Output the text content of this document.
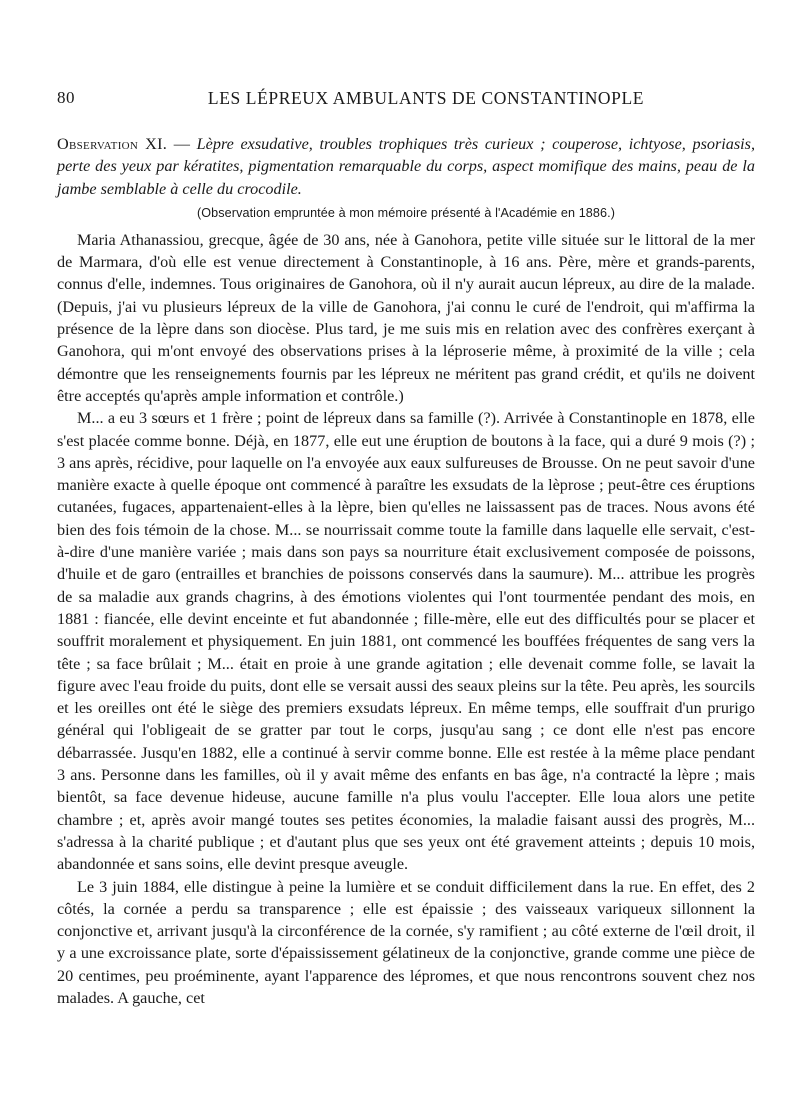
80	LES LÉPREUX AMBULANTS DE CONSTANTINOPLE

Observation XI. — Lèpre exsudative, troubles trophiques très curieux ; couperose, ichtyose, psoriasis, perte des yeux par kératites, pigmentation remarquable du corps, aspect momifique des mains, peau de la jambe semblable à celle du crocodile.

(Observation empruntée à mon mémoire présenté à l'Académie en 1886.)

Maria Athanassiou, grecque, âgée de 30 ans, née à Ganohora, petite ville située sur le littoral de la mer de Marmara, d'où elle est venue directement à Constantinople, à 16 ans. Père, mère et grands-parents, connus d'elle, indemnes. Tous originaires de Ganohora, où il n'y aurait aucun lépreux, au dire de la malade. (Depuis, j'ai vu plusieurs lépreux de la ville de Ganohora, j'ai connu le curé de l'endroit, qui m'affirma la présence de la lèpre dans son diocèse. Plus tard, je me suis mis en relation avec des confrères exerçant à Ganohora, qui m'ont envoyé des observations prises à la léproserie même, à proximité de la ville ; cela démontre que les renseignements fournis par les lépreux ne méritent pas grand crédit, et qu'ils ne doivent être acceptés qu'après ample information et contrôle.)

M... a eu 3 sœurs et 1 frère ; point de lépreux dans sa famille (?). Arrivée à Constantinople en 1878, elle s'est placée comme bonne. Déjà, en 1877, elle eut une éruption de boutons à la face, qui a duré 9 mois (?) ; 3 ans après, récidive, pour laquelle on l'a envoyée aux eaux sulfureuses de Brousse. On ne peut savoir d'une manière exacte à quelle époque ont commencé à paraître les exsudats de la lèprose ; peut-être ces éruptions cutanées, fugaces, appartenaient-elles à la lèpre, bien qu'elles ne laissassent pas de traces. Nous avons été bien des fois témoin de la chose. M... se nourrissait comme toute la famille dans laquelle elle servait, c'est-à-dire d'une manière variée ; mais dans son pays sa nourriture était exclusivement composée de poissons, d'huile et de garo (entrailles et branchies de poissons conservés dans la saumure). M... attribue les progrès de sa maladie aux grands chagrins, à des émotions violentes qui l'ont tourmentée pendant des mois, en 1881 : fiancée, elle devint enceinte et fut abandonnée ; fille-mère, elle eut des difficultés pour se placer et souffrit moralement et physiquement. En juin 1881, ont commencé les bouffées fréquentes de sang vers la tête ; sa face brûlait ; M... était en proie à une grande agitation ; elle devenait comme folle, se lavait la figure avec l'eau froide du puits, dont elle se versait aussi des seaux pleins sur la tête. Peu après, les sourcils et les oreilles ont été le siège des premiers exsudats lépreux. En même temps, elle souffrait d'un prurigo général qui l'obligeait de se gratter par tout le corps, jusqu'au sang ; ce dont elle n'est pas encore débarrassée. Jusqu'en 1882, elle a continué à servir comme bonne. Elle est restée à la même place pendant 3 ans. Personne dans les familles, où il y avait même des enfants en bas âge, n'a contracté la lèpre ; mais bientôt, sa face devenue hideuse, aucune famille n'a plus voulu l'accepter. Elle loua alors une petite chambre ; et, après avoir mangé toutes ses petites économies, la maladie faisant aussi des progrès, M... s'adressa à la charité publique ; et d'autant plus que ses yeux ont été gravement atteints ; depuis 10 mois, abandonnée et sans soins, elle devint presque aveugle.

Le 3 juin 1884, elle distingue à peine la lumière et se conduit difficilement dans la rue. En effet, des 2 côtés, la cornée a perdu sa transparence ; elle est épaissie ; des vaisseaux variqueux sillonnent la conjonctive et, arrivant jusqu'à la circonférence de la cornée, s'y ramifient ; au côté externe de l'œil droit, il y a une excroissance plate, sorte d'épaississement gélatineux de la conjonctive, grande comme une pièce de 20 centimes, peu proéminente, ayant l'apparence des lépromes, et que nous rencontrons souvent chez nos malades. A gauche, cet
